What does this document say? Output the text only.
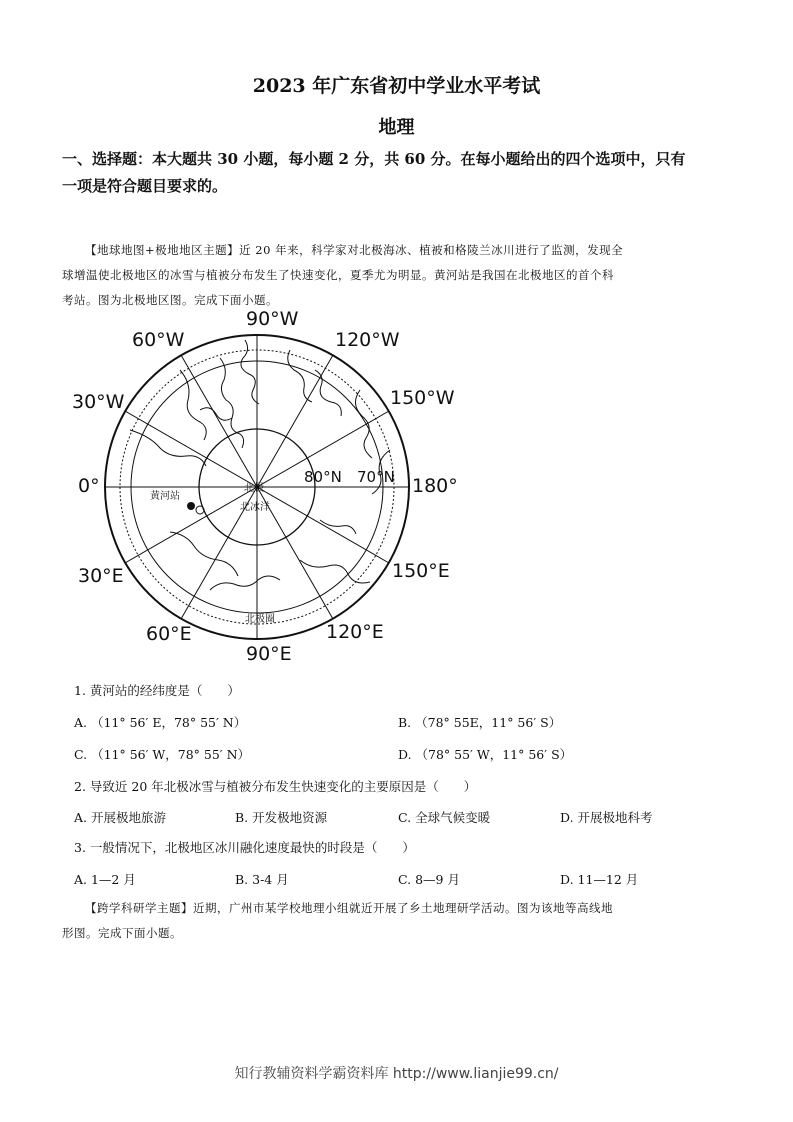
2023 年广东省初中学业水平考试
地理
一、选择题：本大题共 30 小题，每小题 2 分，共 60 分。在每小题给出的四个选项中，只有
一项是符合题目要求的。
【地球地图+极地地区主题】近 20 年来，科学家对北极海冰、植被和格陵兰冰川进行了监测，发现全
球增温使北极地区的冰雪与植被分布发生了快速变化，夏季尤为明显。黄河站是我国在北极地区的首个科
考站。图为北极地区图。完成下面小题。
90°W
120°W
60°W
150°W
30°W
0°	180°
30°E	150°E
60°E	120°E
90°E
80°N 70°N
黄河站
北极
北冰洋
北极圈
1. 黄河站的经纬度是（　　）
A. （11° 56′ E，78° 55′ N）	B. （78° 55E，11° 56′ S）
C. （11° 56′ W，78° 55′ N）	D. （78° 55′ W，11° 56′ S）
2. 导致近 20 年北极冰雪与植被分布发生快速变化的主要原因是（　　）
A. 开展极地旅游	B. 开发极地资源	C. 全球气候变暖	D. 开展极地科考
3. 一般情况下，北极地区冰川融化速度最快的时段是（　　）
A. 1—2 月	B. 3-4 月	C. 8—9 月	D. 11—12 月
【跨学科研学主题】近期，广州市某学校地理小组就近开展了乡土地理研学活动。图为该地等高线地
形图。完成下面小题。
知行教辅资料学霸资料库 http://www.lianjie99.cn/
